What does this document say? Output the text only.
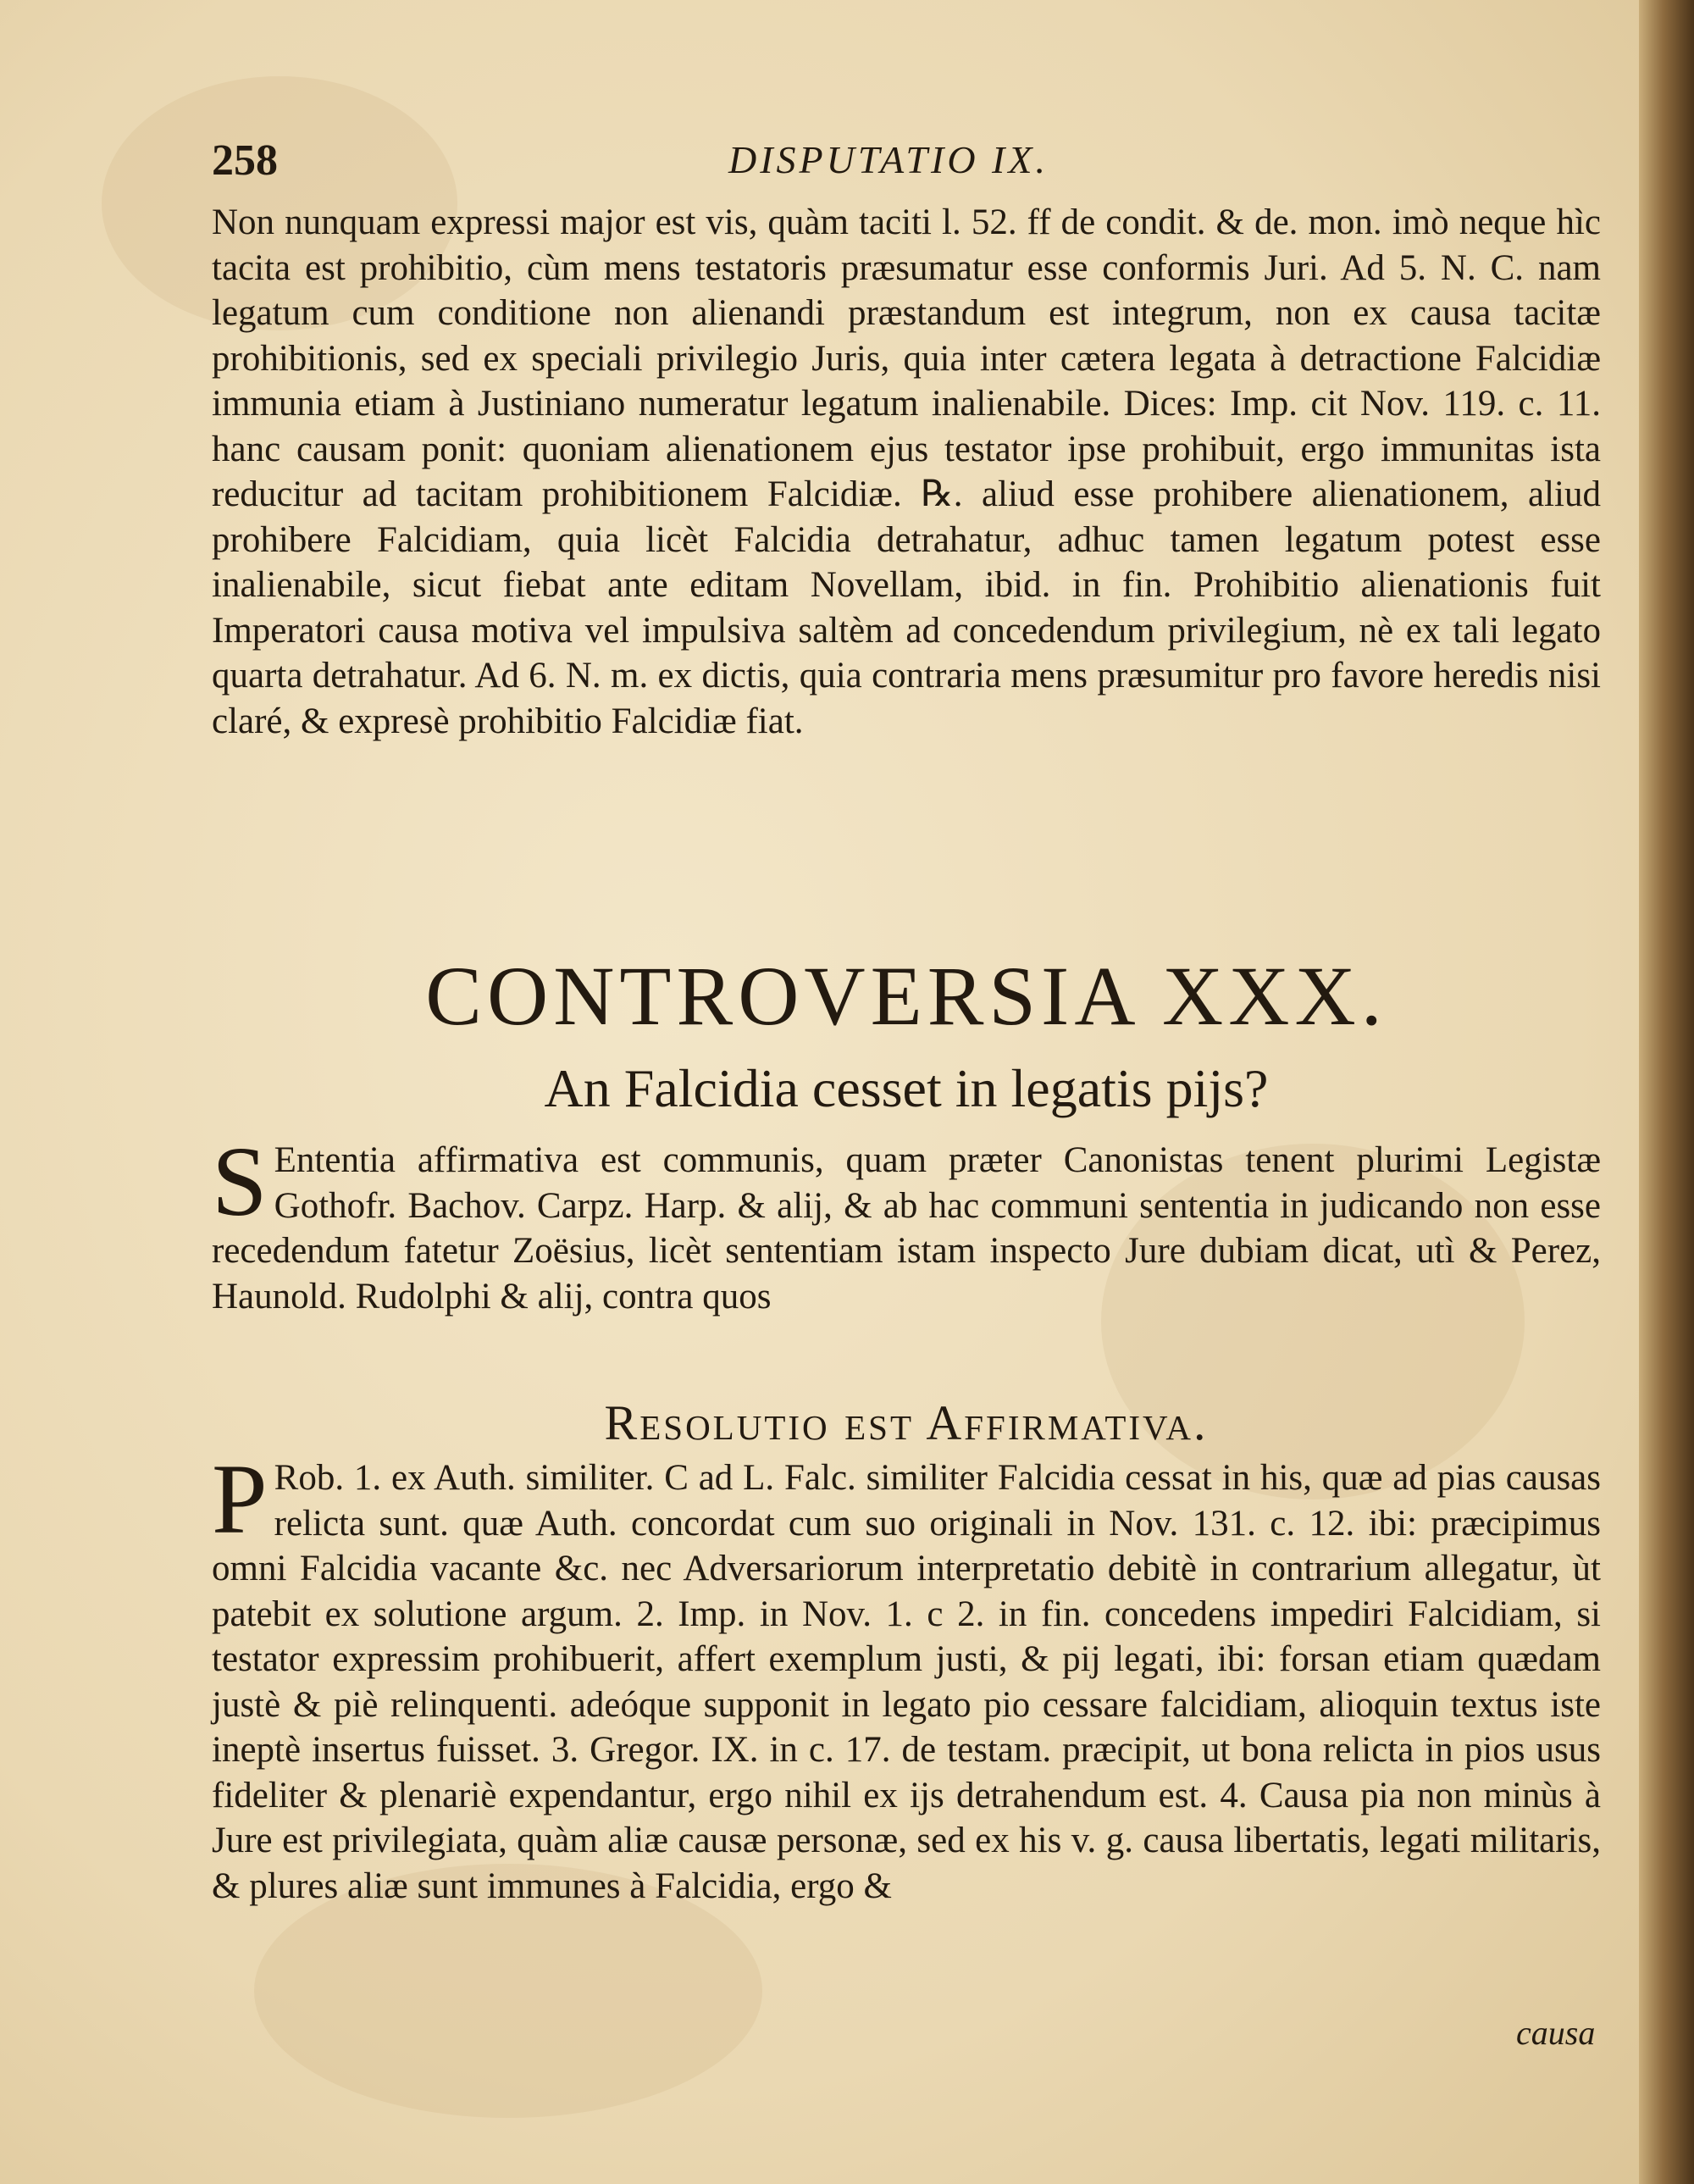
258	DISPUTATIO IX.

Non nunquam expressi major est vis, quàm taciti l. 52. ff de condit. & de. mon. imò neque hìc tacita est prohibitio, cùm mens testatoris præsumatur esse conformis Juri. Ad 5. N. C. nam legatum cum conditione non alienandi præstandum est integrum, non ex causa tacitæ prohibitionis, sed ex speciali privilegio Juris, quia inter cætera legata à detractione Falcidiæ immunia etiam à Justiniano numeratur legatum inalienabile. Dices: Imp. cit Nov. 119. c. 11. hanc causam ponit: quoniam alienationem ejus testator ipse prohibuit, ergo immunitas ista reducitur ad tacitam prohibitionem Falcidiæ. ℞. aliud esse prohibere alienationem, aliud prohibere Falcidiam, quia licèt Falcidia detrahatur, adhuc tamen legatum potest esse inalienabile, sicut fiebat ante editam Novellam, ibid. in fin. Prohibitio alienationis fuit Imperatori causa motiva vel impulsiva saltèm ad concedendum privilegium, nè ex tali legato quarta detrahatur. Ad 6. N. m. ex dictis, quia contraria mens præsumitur pro favore heredis nisi claré, & expresè prohibitio Falcidiæ fiat.

CONTROVERSIA XXX.
An Falcidia cesset in legatis pijs?

S Ententia affirmativa est communis, quam præter Canonistas tenent plurimi Legistæ Gothofr. Bachov. Carpz. Harp. & alij, & ab hac communi sententia in judicando non esse recedendum fatetur Zoësius, licèt sententiam istam inspecto Jure dubiam dicat, utì & Perez, Haunold. Rudolphi & alij, contra quos

Resolutio est Affirmativa.

P Rob. 1. ex Auth. similiter. C ad L. Falc. similiter Falcidia cessat in his, quæ ad pias causas relicta sunt. quæ Auth. concordat cum suo originali in Nov. 131. c. 12. ibi: præcipimus omni Falcidia vacante &c. nec Adversariorum interpretatio debitè in contrarium allegatur, ùt patebit ex solutione argum. 2. Imp. in Nov. 1. c 2. in fin. concedens impediri Falcidiam, si testator expressim prohibuerit, affert exemplum justi, & pij legati, ibi: forsan etiam quædam justè & piè relinquenti. adeóque supponit in legato pio cessare falcidiam, alioquin textus iste ineptè insertus fuisset. 3. Gregor. IX. in c. 17. de testam. præcipit, ut bona relicta in pios usus fideliter & plenariè expendantur, ergo nihil ex ijs detrahendum est. 4. Causa pia non minùs à Jure est privilegiata, quàm aliæ causæ personæ, sed ex his v. g. causa libertatis, legati militaris, & plures aliæ sunt immunes à Falcidia, ergo &

causa
